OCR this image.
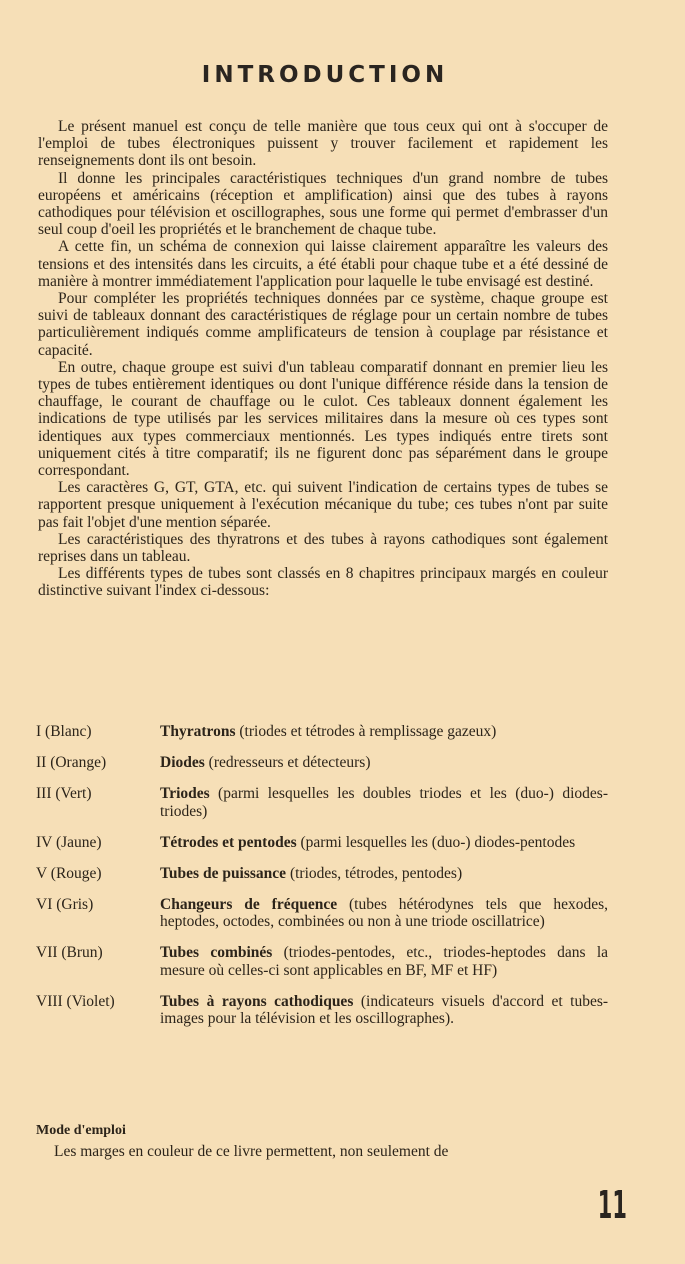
INTRODUCTION

Le présent manuel est conçu de telle manière que tous ceux qui ont à s'occuper de l'emploi de tubes électroniques puissent y trouver facilement et rapidement les renseignements dont ils ont besoin.

Il donne les principales caractéristiques techniques d'un grand nombre de tubes européens et américains (réception et amplification) ainsi que des tubes à rayons cathodiques pour télévision et oscillographes, sous une forme qui permet d'embrasser d'un seul coup d'oeil les propriétés et le branchement de chaque tube.

A cette fin, un schéma de connexion qui laisse clairement apparaître les valeurs des tensions et des intensités dans les circuits, a été établi pour chaque tube et a été dessiné de manière à montrer immédiatement l'application pour laquelle le tube envisagé est destiné.

Pour compléter les propriétés techniques données par ce système, chaque groupe est suivi de tableaux donnant des caractéristiques de réglage pour un certain nombre de tubes particulièrement indiqués comme amplificateurs de tension à couplage par résistance et capacité.

En outre, chaque groupe est suivi d'un tableau comparatif donnant en premier lieu les types de tubes entièrement identiques ou dont l'unique différence réside dans la tension de chauffage, le courant de chauffage ou le culot. Ces tableaux donnent également les indications de type utilisés par les services militaires dans la mesure où ces types sont identiques aux types commerciaux mentionnés. Les types indiqués entre tirets sont uniquement cités à titre comparatif; ils ne figurent donc pas séparément dans le groupe correspondant.

Les caractères G, GT, GTA, etc. qui suivent l'indication de certains types de tubes se rapportent presque uniquement à l'exécution mécanique du tube; ces tubes n'ont par suite pas fait l'objet d'une mention séparée.

Les caractéristiques des thyratrons et des tubes à rayons cathodiques sont également reprises dans un tableau.

Les différents types de tubes sont classés en 8 chapitres principaux margés en couleur distinctive suivant l'index ci-dessous:

I (Blanc)	Thyratrons (triodes et tétrodes à remplissage gazeux)
II (Orange)	Diodes (redresseurs et détecteurs)
III (Vert)	Triodes (parmi lesquelles les doubles triodes et les (duo-) diodes-triodes)
IV (Jaune)	Tétrodes et pentodes (parmi lesquelles les (duo-) diodes-pentodes
V (Rouge)	Tubes de puissance (triodes, tétrodes, pentodes)
VI (Gris)	Changeurs de fréquence (tubes hétérodynes tels que hexodes, heptodes, octodes, combinées ou non à une triode oscillatrice)
VII (Brun)	Tubes combinés (triodes-pentodes, etc., triodes-heptodes dans la mesure où celles-ci sont applicables en BF, MF et HF)
VIII (Violet)	Tubes à rayons cathodiques (indicateurs visuels d'accord et tubes-images pour la télévision et les oscillographes).
Mode d'emploi
Les marges en couleur de ce livre permettent, non seulement de
11
